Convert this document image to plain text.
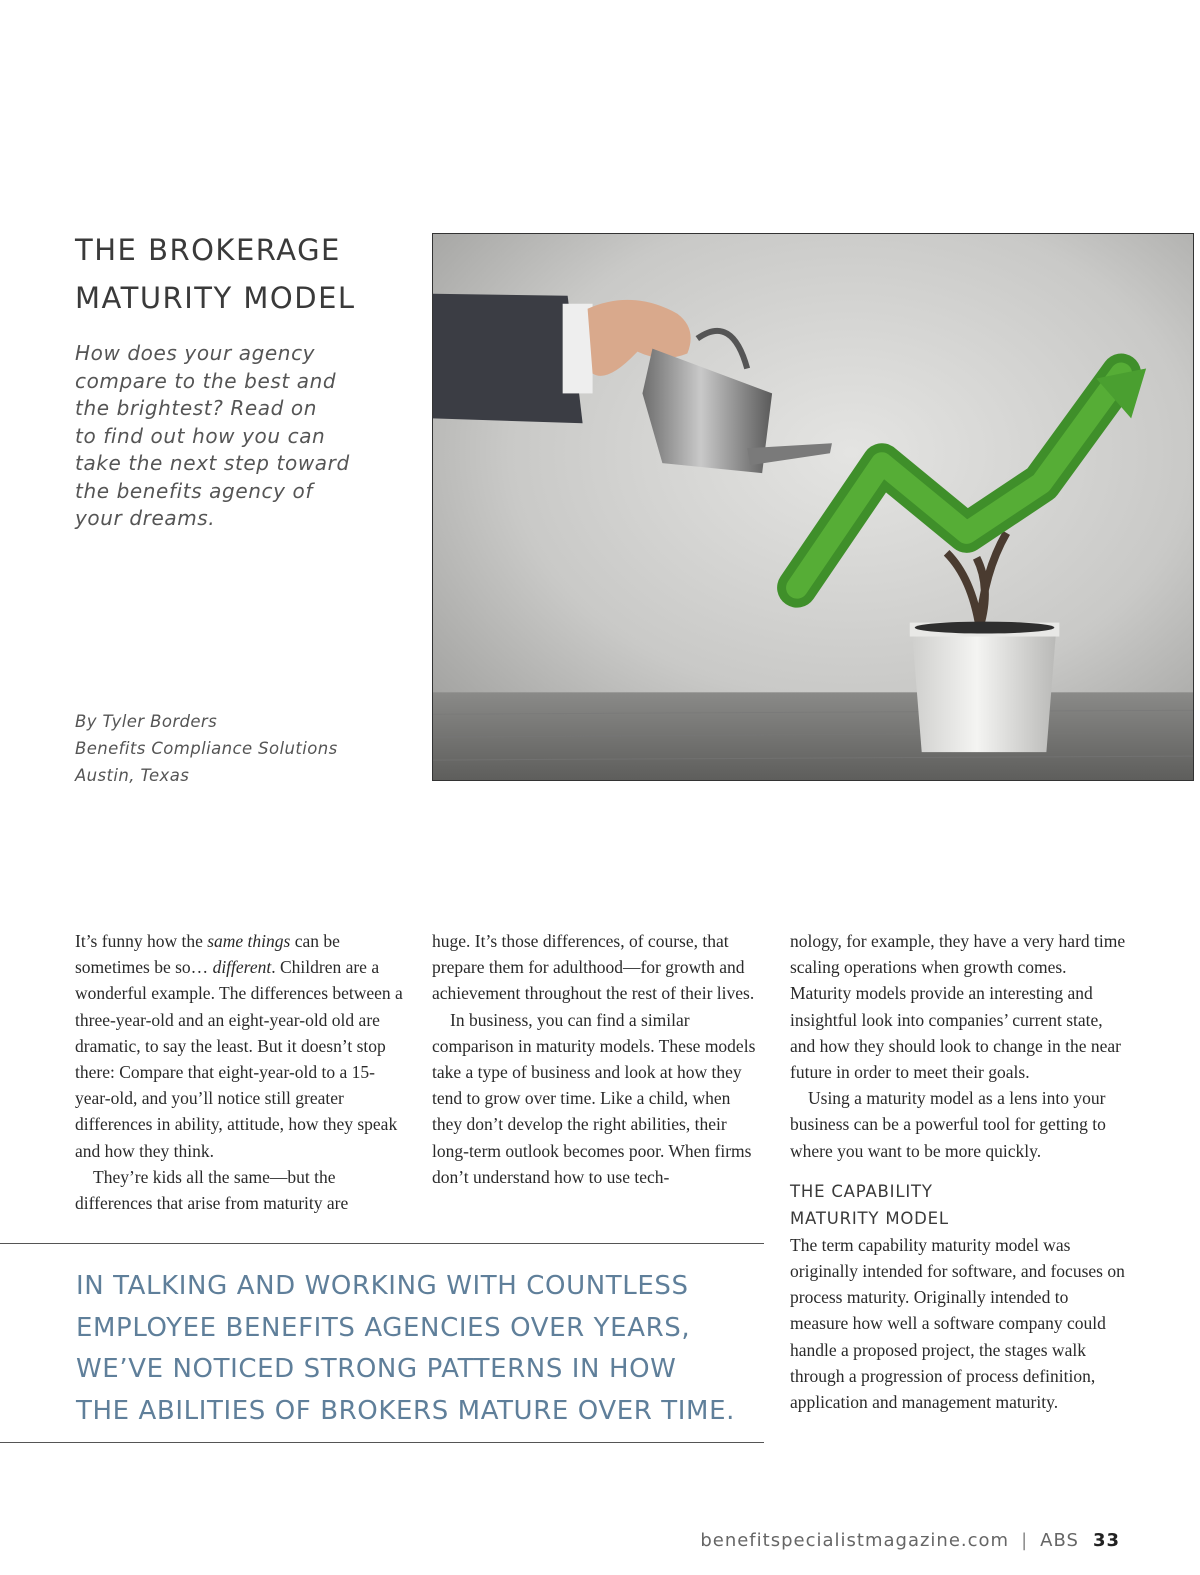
THE BROKERAGE
MATURITY MODEL

How does your agency
compare to the best and
the brightest? Read on
to find out how you can
take the next step toward
the benefits agency of
your dreams.

By Tyler Borders
Benefits Compliance Solutions
Austin, Texas

It’s funny how the same things can be sometimes be so… different. Children are a wonderful example. The differences between a three-year-old and an eight-year-old old are dramatic, to say the least. But it doesn’t stop there: Compare that eight-year-old to a 15-year-old, and you’ll notice still greater differences in ability, attitude, how they speak and how they think.

They’re kids all the same—but the differences that arise from maturity are

huge. It’s those differences, of course, that prepare them for adulthood—for growth and achievement throughout the rest of their lives.

In business, you can find a similar comparison in maturity models. These models take a type of business and look at how they tend to grow over time. Like a child, when they don’t develop the right abilities, their long-term outlook becomes poor. When firms don’t understand how to use tech-

nology, for example, they have a very hard time scaling operations when growth comes. Maturity models provide an interesting and insightful look into companies’ current state, and how they should look to change in the near future in order to meet their goals.

Using a maturity model as a lens into your business can be a powerful tool for getting to where you want to be more quickly.

THE CAPABILITY
MATURITY MODEL

The term capability maturity model was originally intended for software, and focuses on process maturity. Originally intended to measure how well a software company could handle a proposed project, the stages walk through a progression of process definition, application and management maturity.

IN TALKING AND WORKING WITH COUNTLESS
EMPLOYEE BENEFITS AGENCIES OVER YEARS,
WE’VE NOTICED STRONG PATTERNS IN HOW
THE ABILITIES OF BROKERS MATURE OVER TIME.

benefitspecialistmagazine.com | ABS 33
